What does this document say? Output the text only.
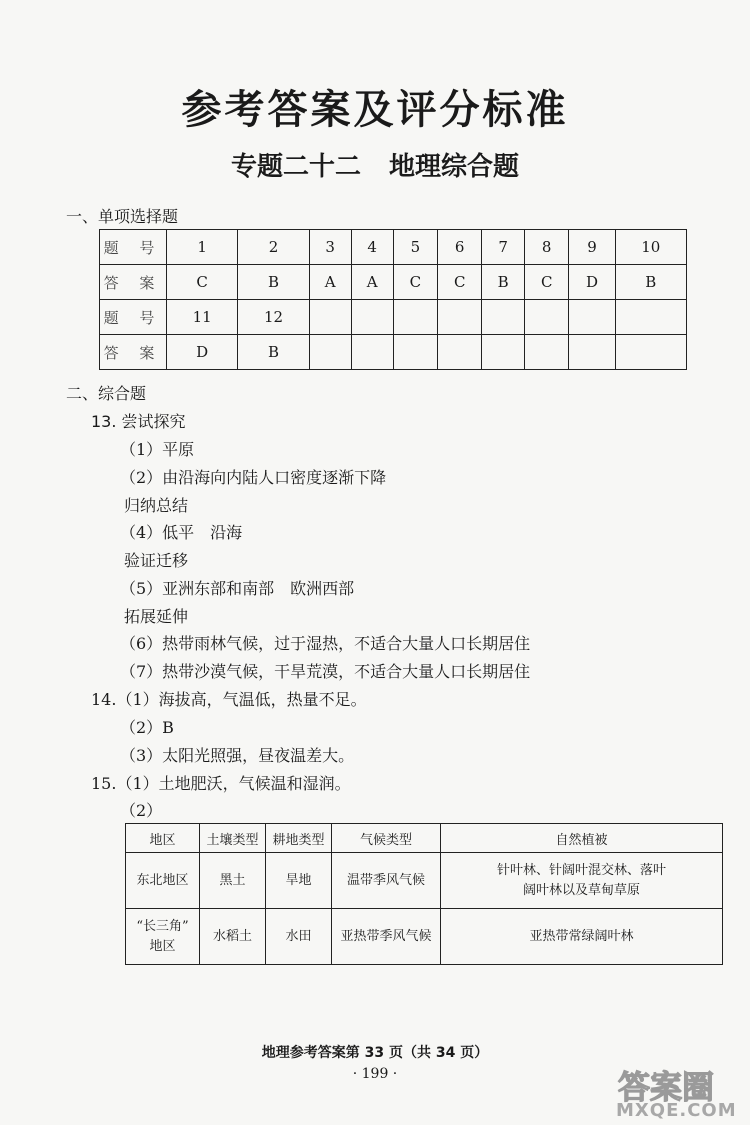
参考答案及评分标准
专题二十二 地理综合题
一、单项选择题
题 号	1	2	3	4	5	6	7	8	9	10
答 案	C	B	A	A	C	C	B	C	D	B
题 号	11	12								
答 案	D	B								
二、综合题
13. 尝试探究
（1）平原
（2）由沿海向内陆人口密度逐渐下降
归纳总结
（4）低平　沿海
验证迁移
（5）亚洲东部和南部　欧洲西部
拓展延伸
（6）热带雨林气候，过于湿热，不适合大量人口长期居住
（7）热带沙漠气候，干旱荒漠，不适合大量人口长期居住
14.（1）海拔高，气温低，热量不足。
（2）B
（3）太阳光照强，昼夜温差大。
15.（1）土地肥沃，气候温和湿润。
（2）
地区	土壤类型	耕地类型	气候类型	自然植被
东北地区	黑土	旱地	温带季风气候	针叶林、针阔叶混交林、落叶
阔叶林以及草甸草原

“长三角”
地区	水稻土	水田	亚热带季风气候	亚热带常绿阔叶林
地理参考答案第 33 页（共 34 页）
· 199 ·	答案圈
MXQE.COM
